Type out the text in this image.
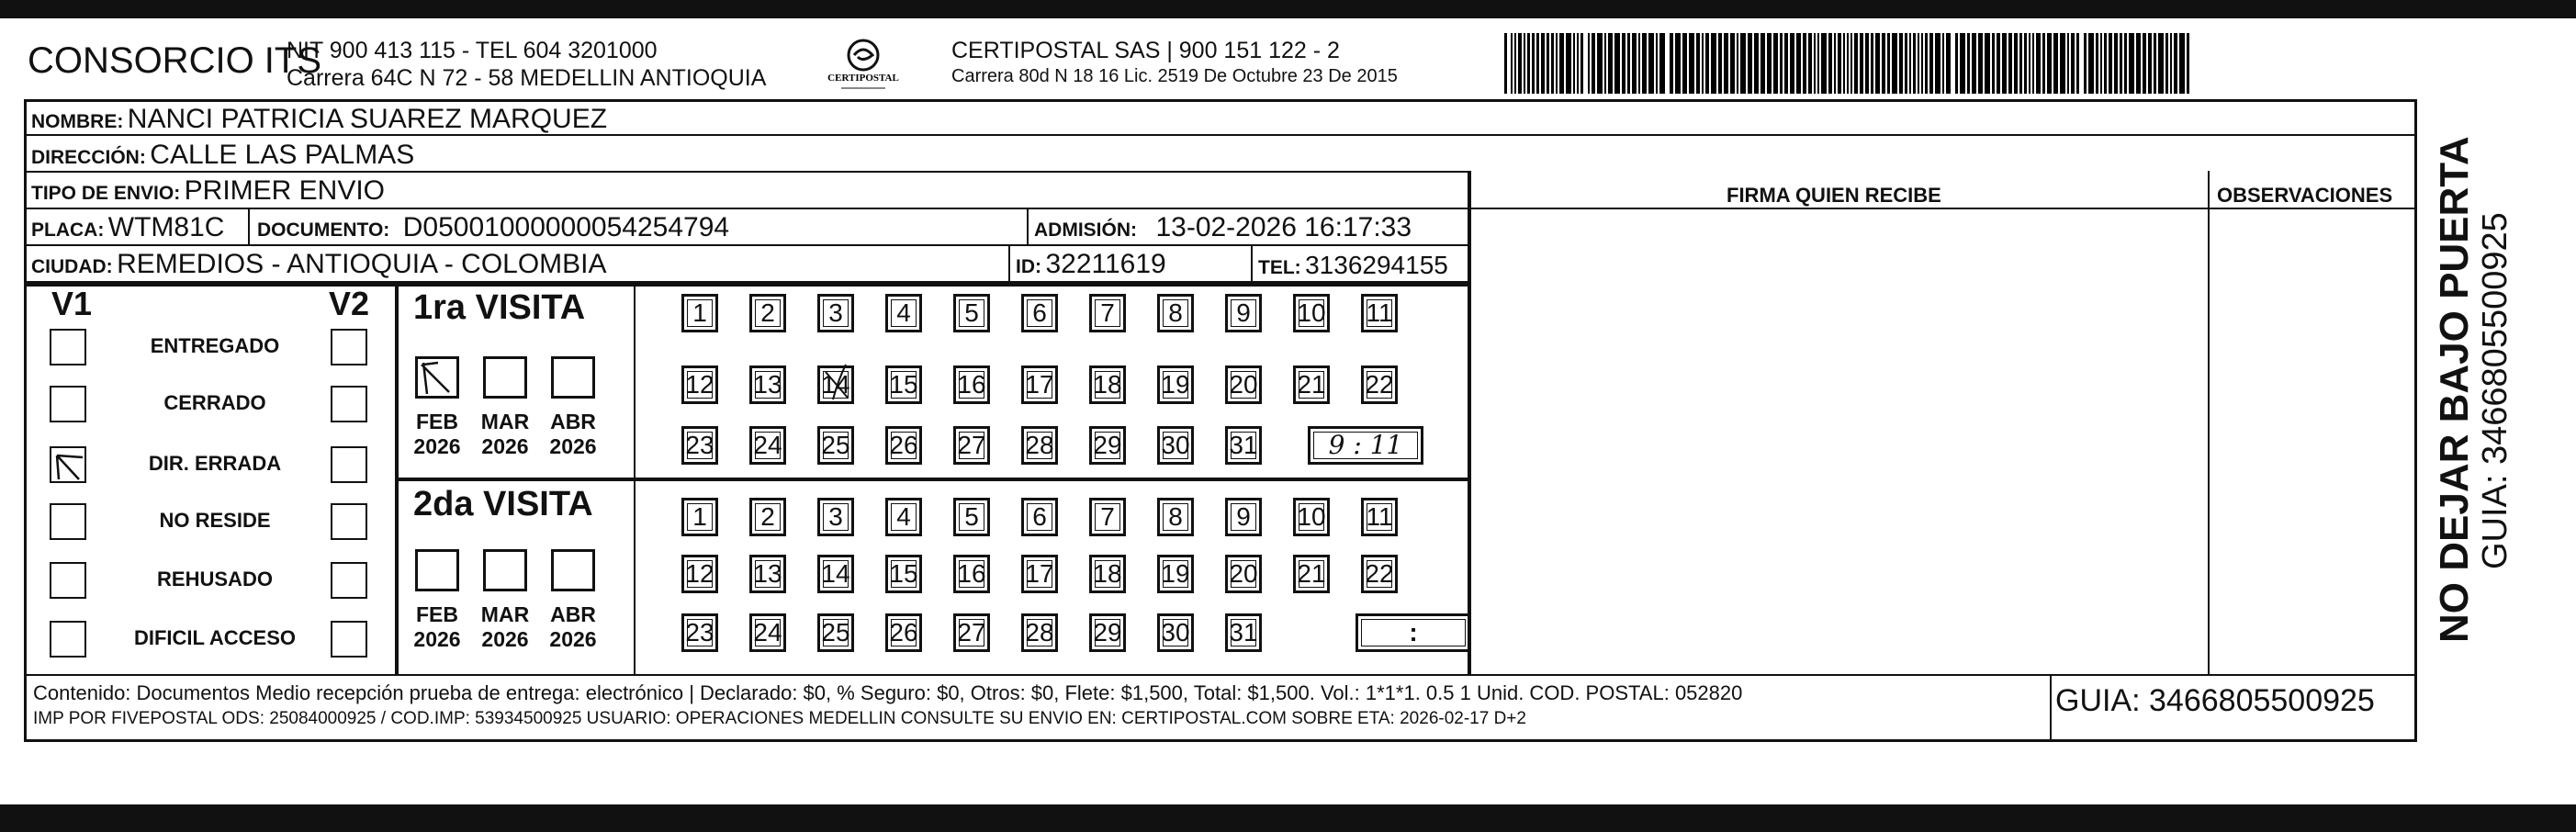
CONSORCIO ITS
NIT 900 413 115 - TEL 604 3201000
Carrera 64C N 72 - 58 MEDELLIN ANTIOQUIA	CERTIPOSTAL
CERTIPOSTAL SAS | 900 151 122 - 2
Carrera 80d N 18 16 Lic. 2519 De Octubre 23 De 2015
NOMBRE: NANCI PATRICIA SUAREZ MARQUEZ
DIRECCIÓN: CALLE LAS PALMAS
TIPO DE ENVIO: PRIMER ENVIO	FIRMA QUIEN RECIBE	OBSERVACIONES
PLACA: WTM81C DOCUMENTO: D05001000000054254794	ADMISIÓN: 13-02-2026 16:17:33
CIUDAD: REMEDIOS - ANTIOQUIA - COLOMBIA	ID: 32211619	TEL: 3136294155
V1	V2
ENTREGADO
CERRADO
DIR. ERRADA
NO RESIDE
REHUSADO
DIFICIL ACCESO
1ra VISITA
2da VISITA
FEB
2026
MAR
2026
ABR
2026
FEB
2026
MAR
2026
ABR
2026
1	2	3	4	5	6	7	8	9	10 11
12 13 14 15 16 17 18 19 20 21 22
23 24 25 26 27 28 29 30 31
1	2	3	4	5	6	7	8	9	10 11
12 13 14 15 16 17 18 19 20 21 22
23 24 25 26 27 28 29 30 31
9 : 11
:
Contenido: Documentos Medio recepción prueba de entrega: electrónico | Declarado: $0, % Seguro: $0, Otros: $0, Flete: $1,500, Total: $1,500. Vol.: 1*1*1. 0.5 1 Unid. COD. POSTAL: 052820
IMP POR FIVEPOSTAL ODS: 25084000925 / COD.IMP: 53934500925 USUARIO: OPERACIONES MEDELLIN CONSULTE SU ENVIO EN: CERTIPOSTAL.COM SOBRE ETA: 2026-02-17 D+2
GUIA: 3466805500925
NO DEJAR BAJO PUERTA GUIA: 3466805500925
